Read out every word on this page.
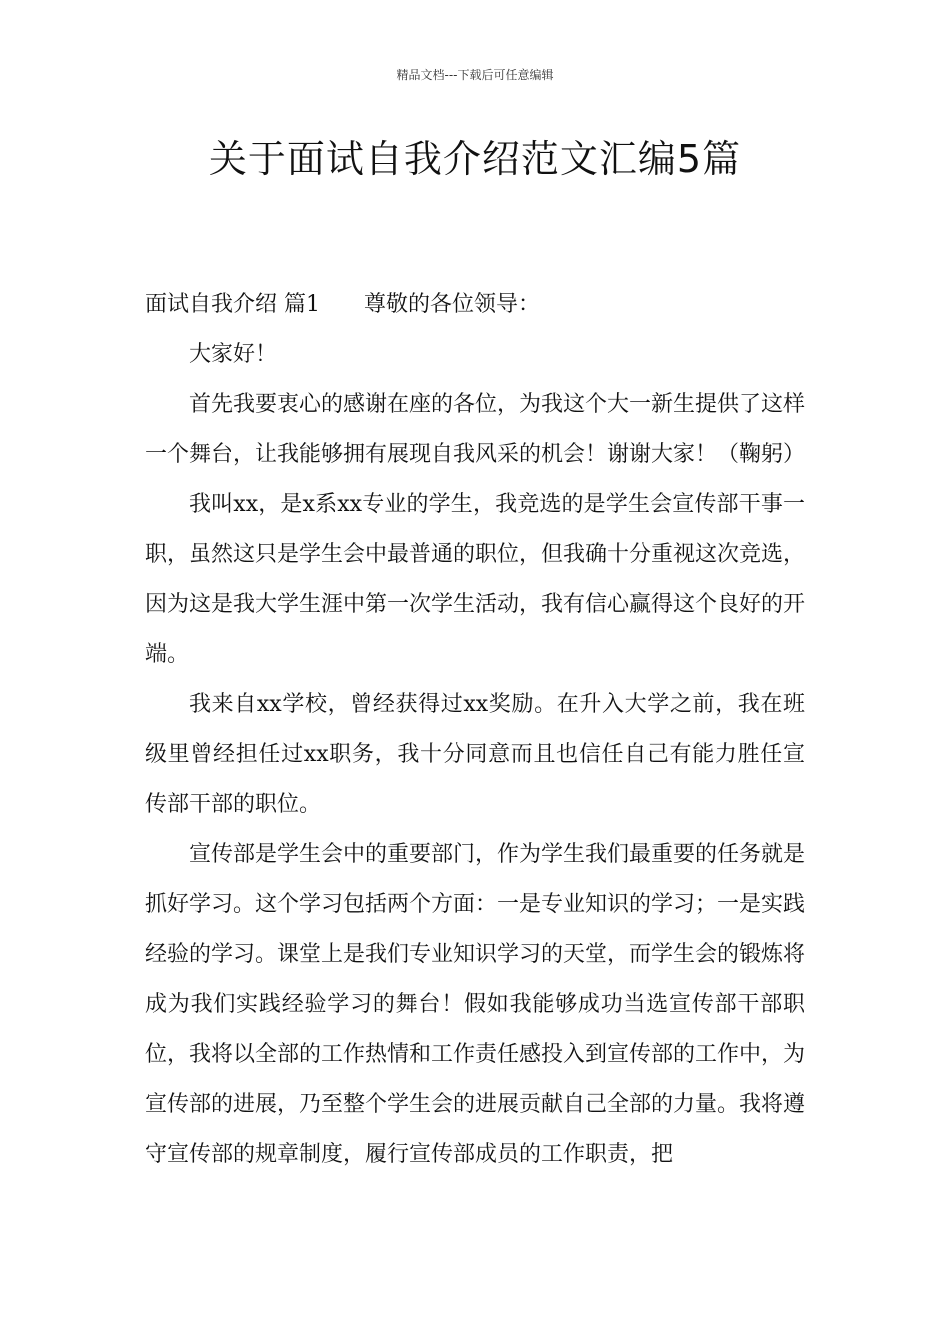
精品文档---下载后可任意编辑
关于面试自我介绍范文汇编5篇

面试自我介绍 篇1 尊敬的各位领导：

大家好！

首先我要衷心的感谢在座的各位，为我这个大一新生提供了这样一个舞台，让我能够拥有展现自我风采的机会！谢谢大家！（鞠躬）

我叫xx，是x系xx专业的学生，我竞选的是学生会宣传部干事一职，虽然这只是学生会中最普通的职位，但我确十分重视这次竞选，因为这是我大学生涯中第一次学生活动，我有信心赢得这个良好的开端。

我来自xx学校，曾经获得过xx奖励。在升入大学之前，我在班级里曾经担任过xx职务，我十分同意而且也信任自己有能力胜任宣传部干部的职位。

宣传部是学生会中的重要部门，作为学生我们最重要的任务就是抓好学习。这个学习包括两个方面：一是专业知识的学习；一是实践经验的学习。课堂上是我们专业知识学习的天堂，而学生会的锻炼将成为我们实践经验学习的舞台！假如我能够成功当选宣传部干部职位，我将以全部的工作热情和工作责任感投入到宣传部的工作中，为宣传部的进展，乃至整个学生会的进展贡献自己全部的力量。我将遵守宣传部的规章制度，履行宣传部成员的工作职责，把
